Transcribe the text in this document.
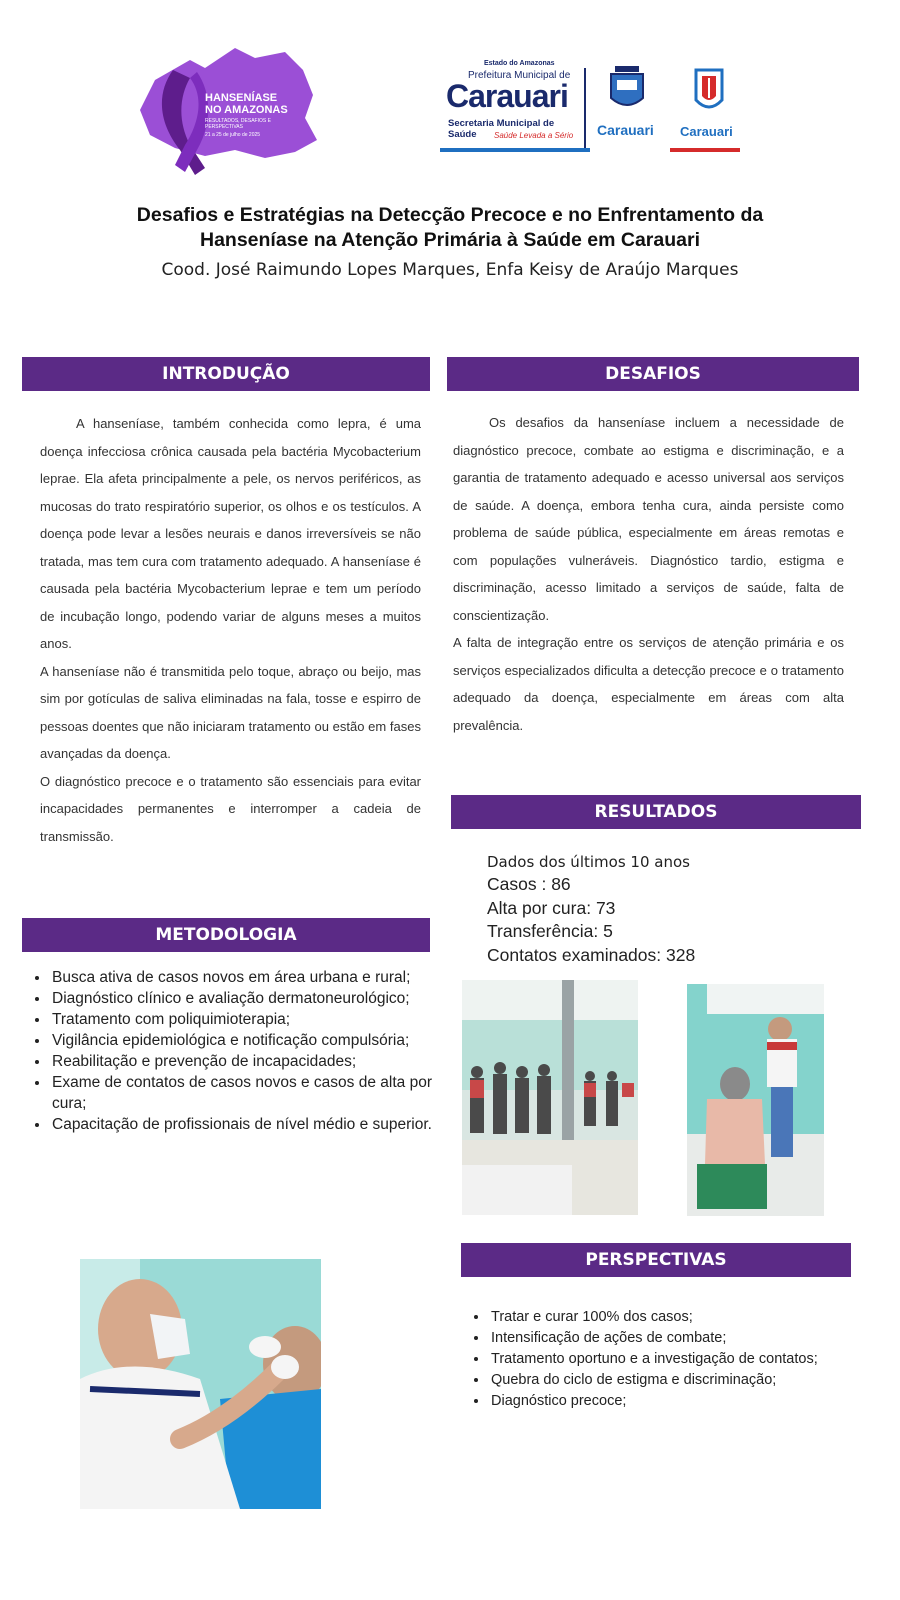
HANSENÍASE
NO AMAZONAS
RESULTADOS, DESAFIOS E PERSPECTIVAS
21 a 25 de julho de 2025
Estado do Amazonas
Prefeitura Municipal de
Carauari
Secretaria Municipal de Saúde	Saúde Levada a Sério Carauari Carauari
Desafios e Estratégias na Detecção Precoce e no Enfrentamento da
Hanseníase na Atenção Primária à Saúde em Carauari
Cood. José Raimundo Lopes Marques, Enfa Keisy de Araújo Marques
INTRODUÇÃO

A hanseníase, também conhecida como lepra, é uma doença infecciosa crônica causada pela bactéria Mycobacterium leprae. Ela afeta principalmente a pele, os nervos periféricos, as mucosas do trato respiratório superior, os olhos e os testículos. A doença pode levar a lesões neurais e danos irreversíveis se não tratada, mas tem cura com tratamento adequado. A hanseníase é causada pela bactéria Mycobacterium leprae e tem um período de incubação longo, podendo variar de alguns meses a muitos anos.

A hanseníase não é transmitida pelo toque, abraço ou beijo, mas sim por gotículas de saliva eliminadas na fala, tosse e espirro de pessoas doentes que não iniciaram tratamento ou estão em fases avançadas da doença.

O diagnóstico precoce e o tratamento são essenciais para evitar incapacidades permanentes e interromper a cadeia de transmissão.

METODOLOGIA
• Busca ativa de casos novos em área urbana e rural;
• Diagnóstico clínico e avaliação dermatoneurológico;
• Tratamento com poliquimioterapia;
• Vigilância epidemiológica e notificação compulsória;
• Reabilitação e prevenção de incapacidades;
• Exame de contatos de casos novos e casos de alta por cura;
• Capacitação de profissionais de nível médio e superior.
DESAFIOS

Os desafios da hanseníase incluem a necessidade de diagnóstico precoce, combate ao estigma e discriminação, e a garantia de tratamento adequado e acesso universal aos serviços de saúde. A doença, embora tenha cura, ainda persiste como problema de saúde pública, especialmente em áreas remotas e com populações vulneráveis. Diagnóstico tardio, estigma e discriminação, acesso limitado a serviços de saúde, falta de conscientização.

A falta de integração entre os serviços de atenção primária e os serviços especializados dificulta a detecção precoce e o tratamento adequado da doença, especialmente em áreas com alta prevalência.

RESULTADOS
Dados dos últimos 10 anos
Casos : 86
Alta por cura: 73
Transferência: 5
Contatos examinados: 328
PERSPECTIVAS
• Tratar e curar 100% dos casos;
• Intensificação de ações de combate;
• Tratamento oportuno e a investigação de contatos;
• Quebra do ciclo de estigma e discriminação;
• Diagnóstico precoce;
